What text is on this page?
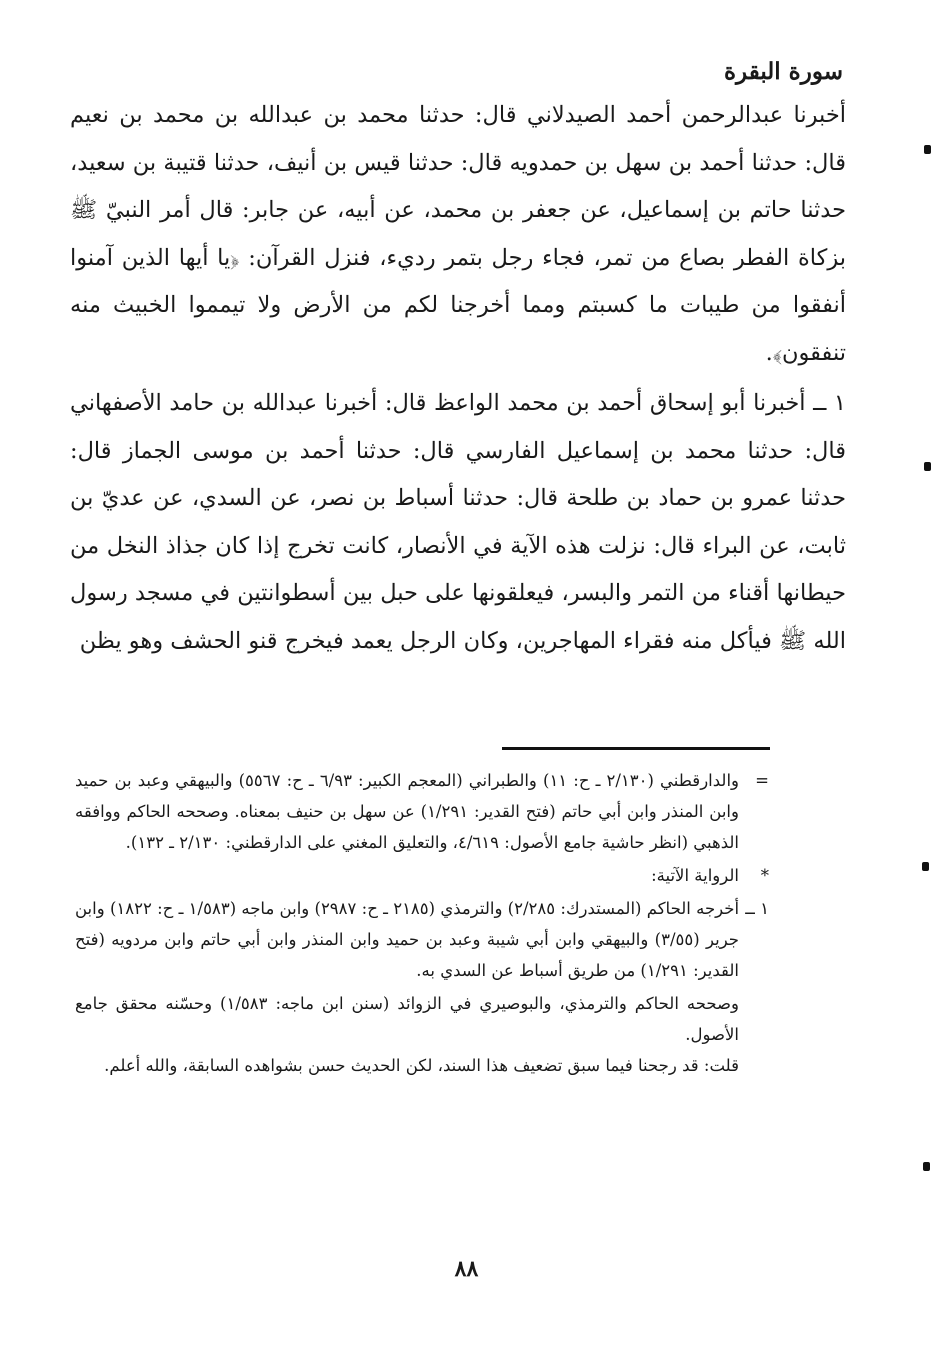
سورة البقرة

أخبرنا عبدالرحمن أحمد الصيدلاني قال: حدثنا محمد بن عبدالله بن محمد بن نعيم قال: حدثنا أحمد بن سهل بن حمدويه قال: حدثنا قيس بن أنيف، حدثنا قتيبة بن سعيد، حدثنا حاتم بن إسماعيل، عن جعفر بن محمد، عن أبيه، عن جابر: قال أمر النبيّ ﷺ بزكاة الفطر بصاع من تمر، فجاء رجل بتمر رديء، فنزل القرآن: ﴿يا أيها الذين آمنوا أنفقوا من طيبات ما كسبتم ومما أخرجنا لكم من الأرض ولا تيمموا الخبيث منه تنفقون﴾.

١ ــ أخبرنا أبو إسحاق أحمد بن محمد الواعظ قال: أخبرنا عبدالله بن حامد الأصفهاني قال: حدثنا محمد بن إسماعيل الفارسي قال: حدثنا أحمد بن موسى الجماز قال: حدثنا عمرو بن حماد بن طلحة قال: حدثنا أسباط بن نصر، عن السدي، عن عديّ بن ثابت، عن البراء قال: نزلت هذه الآية في الأنصار، كانت تخرج إذا كان جذاذ النخل من حيطانها أقناء من التمر والبسر، فيعلقونها على حبل بين أسطوانتين في مسجد رسول الله ﷺ فيأكل منه فقراء المهاجرين، وكان الرجل يعمد فيخرج قنو الحشف وهو يظن

=
والدارقطني (٢/١٣٠ ـ ح: ١١) والطبراني (المعجم الكبير: ٦/٩٣ ـ ح: ٥٥٦٧) والبيهقي وعبد بن حميد وابن المنذر وابن أبي حاتم (فتح القدير: ١/٢٩١) عن سهل بن حنيف بمعناه. وصححه الحاكم ووافقه الذهبي (انظر حاشية جامع الأصول: ٤/٦١٩، والتعليق المغني على الدارقطني: ٢/١٣٠ ـ ١٣٢).
*
الرواية الآتية:
١ ــ
أخرجه الحاكم (المستدرك: ٢/٢٨٥) والترمذي (٢١٨٥ ـ ح: ٢٩٨٧) وابن ماجه (١/٥٨٣ ـ ح: ١٨٢٢) وابن جرير (٣/٥٥) والبيهقي وابن أبي شيبة وعبد بن حميد وابن المنذر وابن أبي حاتم وابن مردويه (فتح القدير: ١/٢٩١) من طريق أسباط عن السدي به.
وصححه الحاكم والترمذي، والبوصيري في الزوائد (سنن ابن ماجه: ١/٥٨٣) وحسّنه محقق جامع الأصول.
قلت: قد رجحنا فيما سبق تضعيف هذا السند، لكن الحديث حسن بشواهده السابقة، والله أعلم.
٨٨
